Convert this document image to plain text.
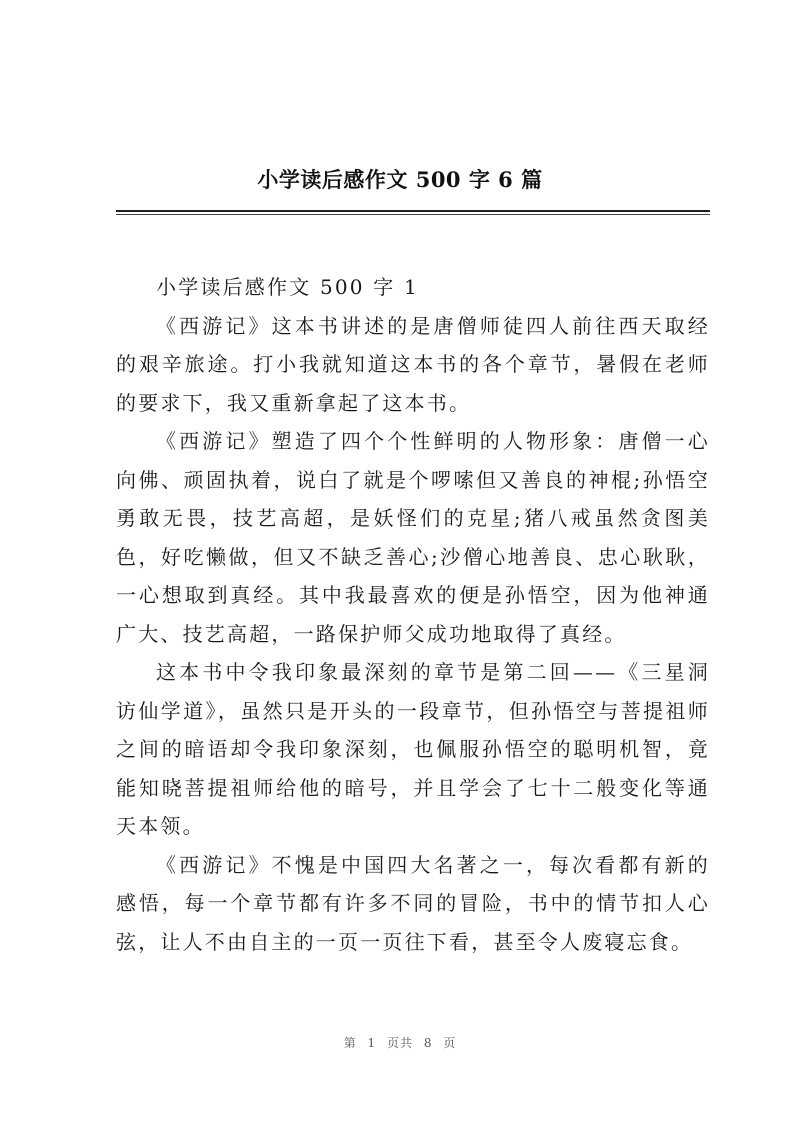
小学读后感作文 500 字 6 篇

小学读后感作文 500 字 1

《西游记》这本书讲述的是唐僧师徒四人前往西天取经的艰辛旅途。打小我就知道这本书的各个章节，暑假在老师的要求下，我又重新拿起了这本书。

《西游记》塑造了四个个性鲜明的人物形象：唐僧一心向佛、顽固执着，说白了就是个啰嗦但又善良的神棍;孙悟空勇敢无畏，技艺高超，是妖怪们的克星;猪八戒虽然贪图美色，好吃懒做，但又不缺乏善心;沙僧心地善良、忠心耿耿，一心想取到真经。其中我最喜欢的便是孙悟空，因为他神通广大、技艺高超，一路保护师父成功地取得了真经。

这本书中令我印象最深刻的章节是第二回——《三星洞访仙学道》，虽然只是开头的一段章节，但孙悟空与菩提祖师之间的暗语却令我印象深刻，也佩服孙悟空的聪明机智，竟能知晓菩提祖师给他的暗号，并且学会了七十二般变化等通天本领。

《西游记》不愧是中国四大名著之一，每次看都有新的感悟，每一个章节都有许多不同的冒险，书中的情节扣人心弦，让人不由自主的一页一页往下看，甚至令人废寝忘食。

第 1 页共 8 页
